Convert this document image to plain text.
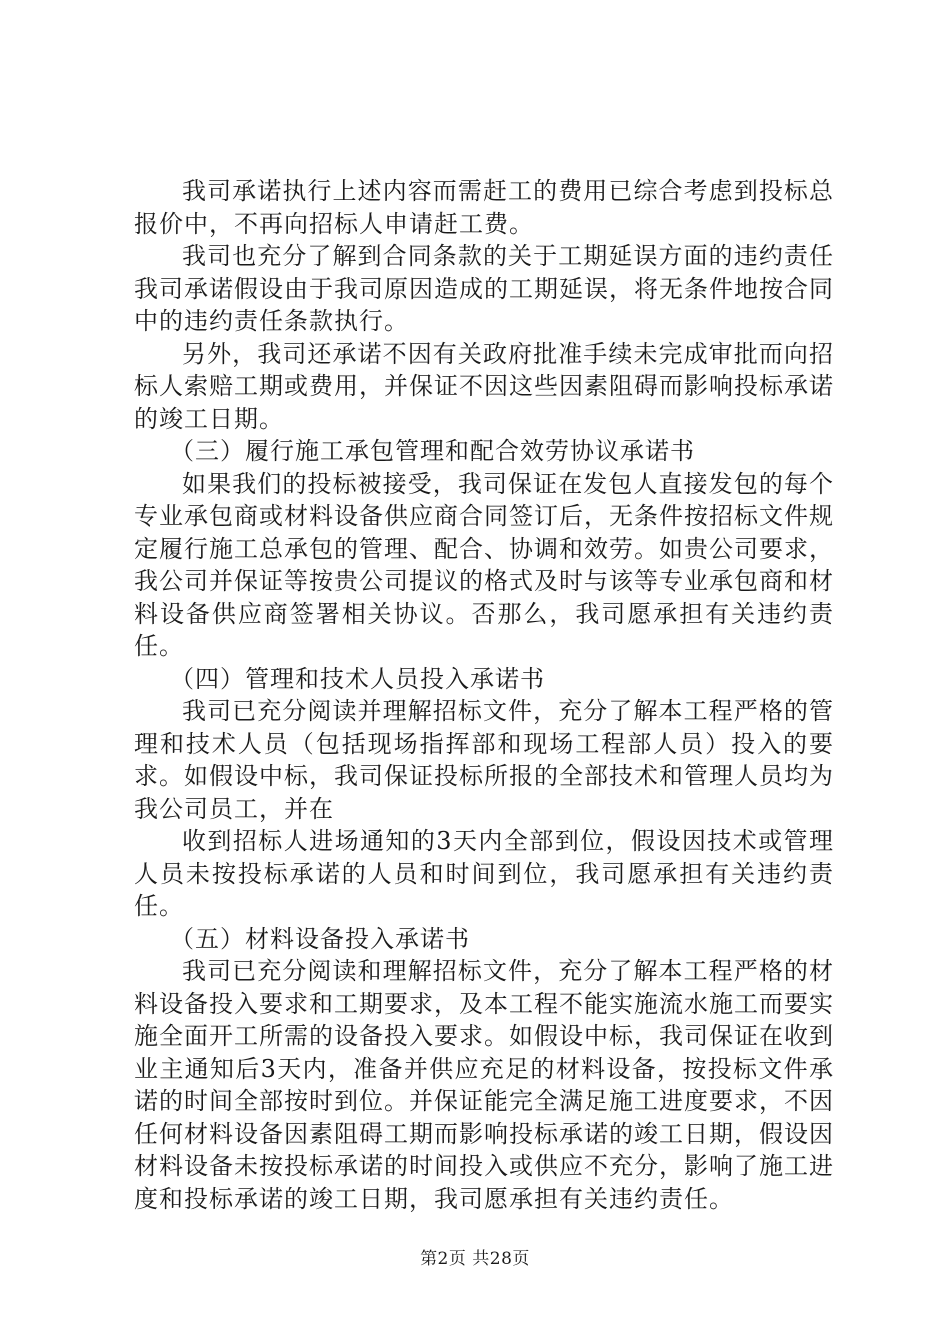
我司承诺执行上述内容而需赶工的费用已综合考虑到投标总报价中，不再向招标人申请赶工费。

我司也充分了解到合同条款的关于工期延误方面的违约责任我司承诺假设由于我司原因造成的工期延误，将无条件地按合同中的违约责任条款执行。

另外，我司还承诺不因有关政府批准手续未完成审批而向招标人索赔工期或费用，并保证不因这些因素阻碍而影响投标承诺的竣工日期。

（三）履行施工承包管理和配合效劳协议承诺书

如果我们的投标被接受，我司保证在发包人直接发包的每个专业承包商或材料设备供应商合同签订后，无条件按招标文件规定履行施工总承包的管理、配合、协调和效劳。如贵公司要求，我公司并保证等按贵公司提议的格式及时与该等专业承包商和材料设备供应商签署相关协议。否那么，我司愿承担有关违约责任。

（四）管理和技术人员投入承诺书

我司已充分阅读并理解招标文件，充分了解本工程严格的管理和技术人员（包括现场指挥部和现场工程部人员）投入的要求。如假设中标，我司保证投标所报的全部技术和管理人员均为我公司员工，并在

收到招标人进场通知的3天内全部到位，假设因技术或管理人员未按投标承诺的人员和时间到位，我司愿承担有关违约责任。

（五）材料设备投入承诺书

我司已充分阅读和理解招标文件，充分了解本工程严格的材料设备投入要求和工期要求，及本工程不能实施流水施工而要实施全面开工所需的设备投入要求。如假设中标，我司保证在收到业主通知后3天内，准备并供应充足的材料设备，按投标文件承诺的时间全部按时到位。并保证能完全满足施工进度要求，不因任何材料设备因素阻碍工期而影响投标承诺的竣工日期，假设因材料设备未按投标承诺的时间投入或供应不充分，影响了施工进度和投标承诺的竣工日期，我司愿承担有关违约责任。

第2页 共28页
